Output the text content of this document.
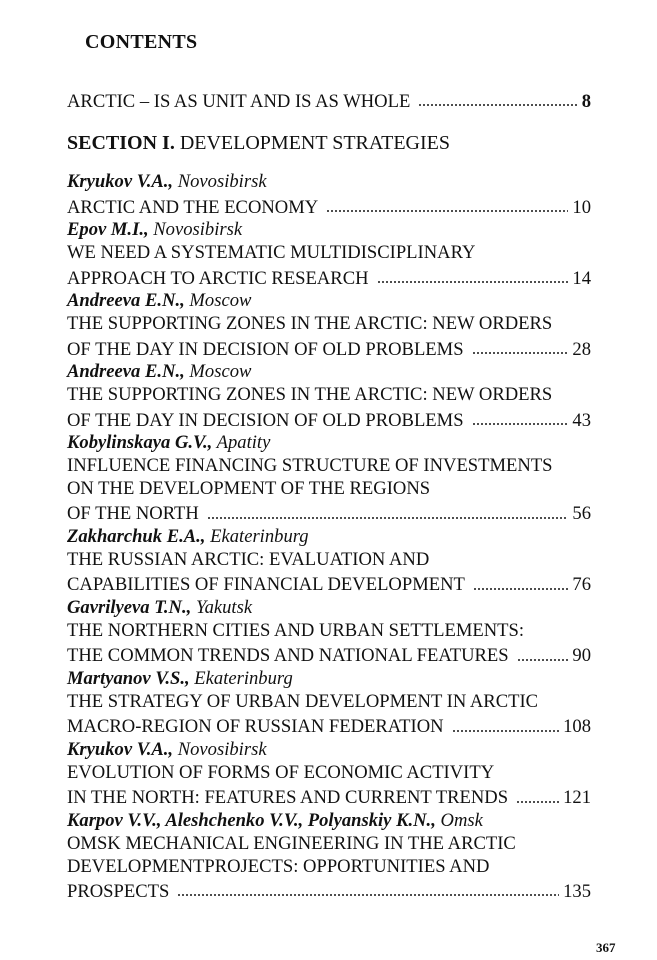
CONTENTS
ARCTIC – IS AS UNIT AND IS AS WHOLE	8
SECTION I. DEVELOPMENT STRATEGIES
Kryukov V.A., Novosibirsk
ARCTIC AND THE ECONOMY	10
Epov M.I., Novosibirsk
WE NEED A SYSTEMATIC MULTIDISCIPLINARY
APPROACH TO ARCTIC RESEARCH	14
Andreeva E.N., Moscow
THE SUPPORTING ZONES IN THE ARCTIC: NEW ORDERS
OF THE DAY IN DECISION OF OLD PROBLEMS	28
Andreeva E.N., Moscow
THE SUPPORTING ZONES IN THE ARCTIC: NEW ORDERS
OF THE DAY IN DECISION OF OLD PROBLEMS	43
Kobylinskaya G.V., Apatity
INFLUENCE FINANCING STRUCTURE OF INVESTMENTS
ON THE DEVELOPMENT OF THE REGIONS
OF THE NORTH	56
Zakharchuk E.A., Ekaterinburg
THE RUSSIAN ARCTIC: EVALUATION AND
CAPABILITIES OF FINANCIAL DEVELOPMENT	76
Gavrilyeva T.N., Yakutsk
THE NORTHERN CITIES AND URBAN SETTLEMENTS:
THE COMMON TRENDS AND NATIONAL FEATURES	90
Martyanov V.S., Ekaterinburg
THE STRATEGY OF URBAN DEVELOPMENT IN ARCTIC
MACRO-REGION OF RUSSIAN FEDERATION	108
Kryukov V.A., Novosibirsk
EVOLUTION OF FORMS OF ECONOMIC ACTIVITY
IN THE NORTH: FEATURES AND CURRENT TRENDS	121
Karpov V.V., Aleshchenko V.V., Polyanskiy K.N., Omsk
OMSK MECHANICAL ENGINEERING IN THE ARCTIC
DEVELOPMENTPROJECTS: OPPORTUNITIES AND
PROSPECTS	135
367
